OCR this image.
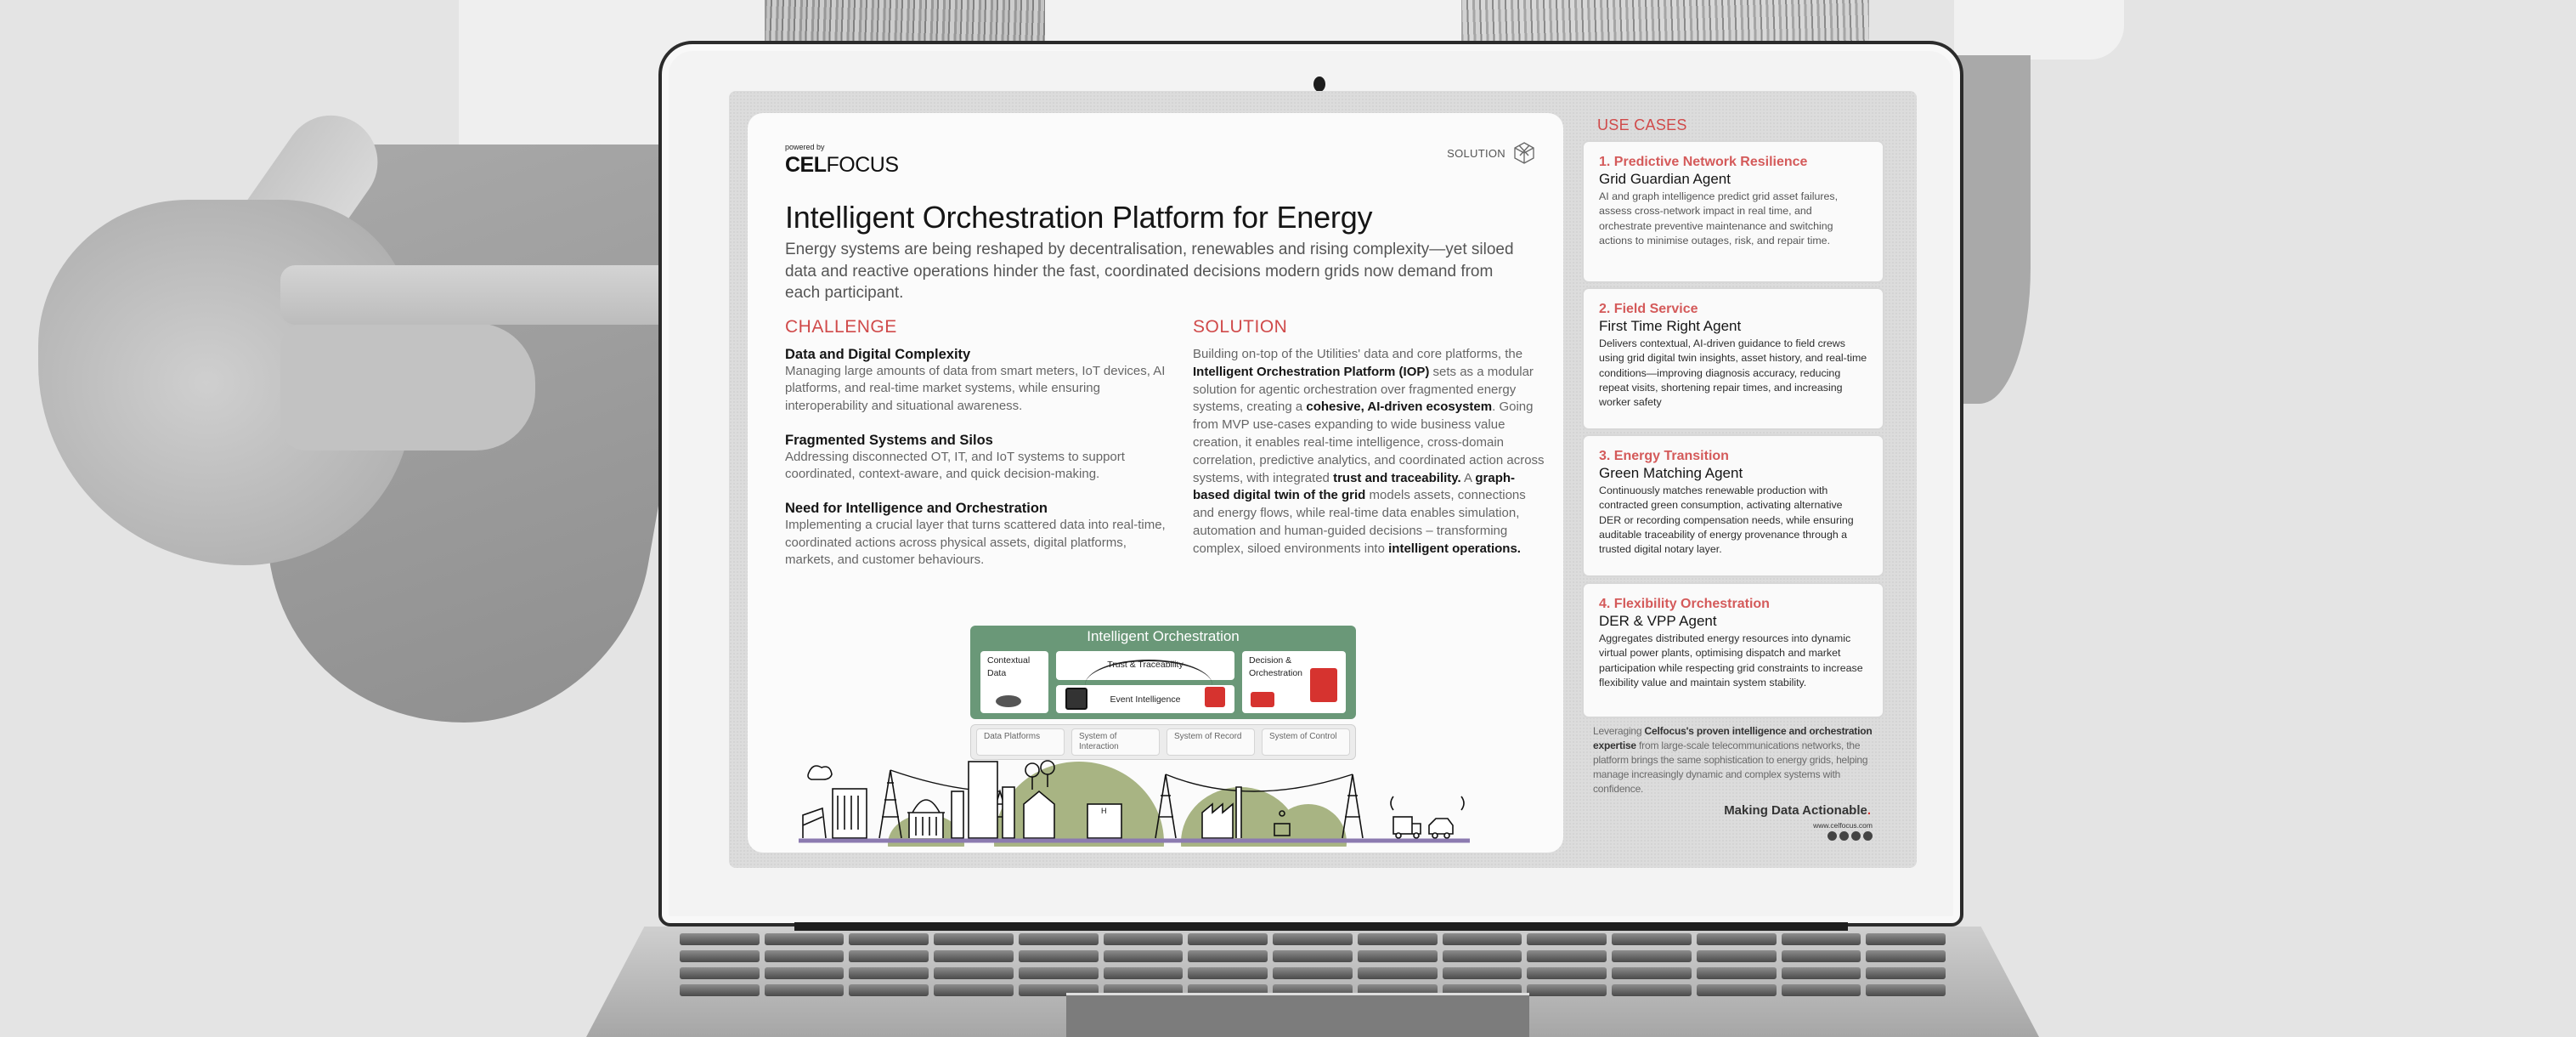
powered by
CELFOCUS	SOLUTION
Intelligent Orchestration Platform for Energy

Energy systems are being reshaped by decentralisation, renewables and rising complexity—yet siloed data and reactive operations hinder the fast, coordinated decisions modern grids now demand from each participant.

CHALLENGE
Data and Digital Complexity
Managing large amounts of data from smart meters, IoT devices, AI platforms, and real-time market systems, while ensuring interoperability and situational awareness.
Fragmented Systems and Silos
Addressing disconnected OT, IT, and IoT systems to support coordinated, context-aware, and quick decision-making.
Need for Intelligence and Orchestration
Implementing a crucial layer that turns scattered data into real-time, coordinated actions across physical assets, digital platforms, markets, and customer behaviours.
SOLUTION

Building on-top of the Utilities' data and core platforms, the Intelligent Orchestration Platform (IOP) sets as a modular solution for agentic orchestration over fragmented energy systems, creating a cohesive, AI-driven ecosystem. Going from MVP use-cases expanding to wide business value creation, it enables real-time intelligence, cross-domain correlation, predictive analytics, and coordinated action across systems, with integrated trust and traceability. A graph-based digital twin of the grid models assets, connections and energy flows, while real-time data enables simulation, automation and human-guided decisions – transforming complex, siloed environments into intelligent operations.

Intelligent Orchestration
Contextual Data
Trust & Traceability
Event Intelligence
Decision & Orchestration
Data Platforms	System of Interaction
System of Record	System of Control
H
USE CASES
1. Predictive Network Resilience
Grid Guardian Agent
AI and graph intelligence predict grid asset failures, assess cross-network impact in real time, and orchestrate preventive maintenance and switching actions to minimise outages, risk, and repair time.
2. Field Service
First Time Right Agent
Delivers contextual, AI-driven guidance to field crews using grid digital twin insights, asset history, and real-time conditions—improving diagnosis accuracy, reducing repeat visits, shortening repair times, and increasing worker safety
3. Energy Transition
Green Matching Agent
Continuously matches renewable production with contracted green consumption, activating alternative DER or recording compensation needs, while ensuring auditable traceability of energy provenance through a trusted digital notary layer.
4. Flexibility Orchestration
DER & VPP Agent
Aggregates distributed energy resources into dynamic virtual power plants, optimising dispatch and market participation while respecting grid constraints to increase flexibility value and maintain system stability.

Leveraging Celfocus's proven intelligence and orchestration expertise from large-scale telecommunications networks, the platform brings the same sophistication to energy grids, helping manage increasingly dynamic and complex systems with confidence.

Making Data Actionable.
www.celfocus.com
